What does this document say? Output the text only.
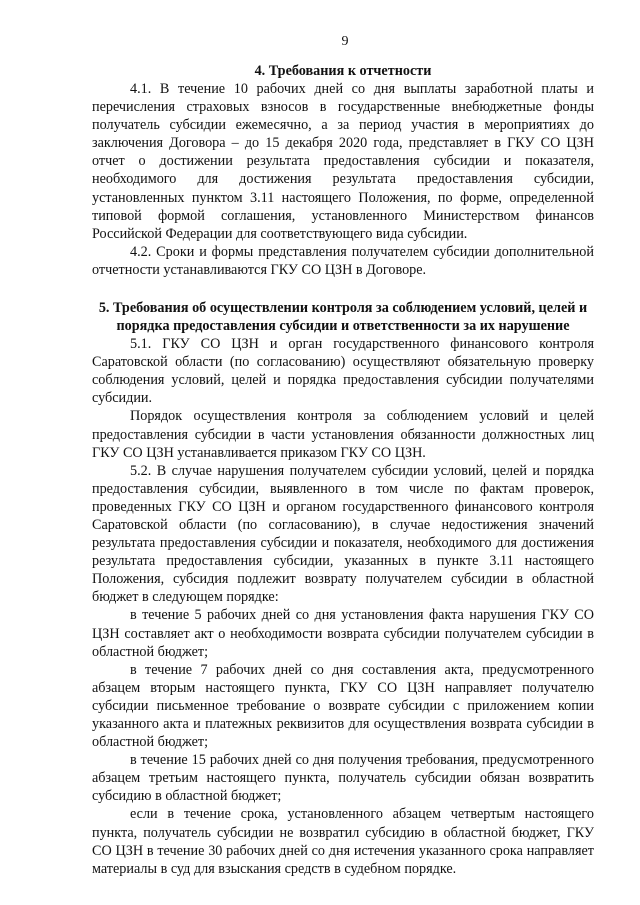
9
4. Требования к отчетности

4.1. В течение 10 рабочих дней со дня выплаты заработной платы и перечисления страховых взносов в государственные внебюджетные фонды получатель субсидии ежемесячно, а за период участия в мероприятиях до заключения Договора – до 15 декабря 2020 года, представляет в ГКУ СО ЦЗН отчет о достижении результата предоставления субсидии и показателя, необходимого для достижения результата предоставления субсидии, установленных пунктом 3.11 настоящего Положения, по форме, определенной типовой формой соглашения, установленного Министерством финансов Российской Федерации для соответствующего вида субсидии.

4.2. Сроки и формы представления получателем субсидии дополнительной отчетности устанавливаются ГКУ СО ЦЗН в Договоре.

5. Требования об осуществлении контроля за соблюдением условий, целей и порядка предоставления субсидии и ответственности за их нарушение

5.1. ГКУ СО ЦЗН и орган государственного финансового контроля Саратовской области (по согласованию) осуществляют обязательную проверку соблюдения условий, целей и порядка предоставления субсидии получателями субсидии.

Порядок осуществления контроля за соблюдением условий и целей предоставления субсидии в части установления обязанности должностных лиц ГКУ СО ЦЗН устанавливается приказом ГКУ СО ЦЗН.

5.2. В случае нарушения получателем субсидии условий, целей и порядка предоставления субсидии, выявленного в том числе по фактам проверок, проведенных ГКУ СО ЦЗН и органом государственного финансового контроля Саратовской области (по согласованию), в случае недостижения значений результата предоставления субсидии и показателя, необходимого для достижения результата предоставления субсидии, указанных в пункте 3.11 настоящего Положения, субсидия подлежит возврату получателем субсидии в областной бюджет в следующем порядке:

в течение 5 рабочих дней со дня установления факта нарушения ГКУ СО ЦЗН составляет акт о необходимости возврата субсидии получателем субсидии в областной бюджет;

в течение 7 рабочих дней со дня составления акта, предусмотренного абзацем вторым настоящего пункта, ГКУ СО ЦЗН направляет получателю субсидии письменное требование о возврате субсидии с приложением копии указанного акта и платежных реквизитов для осуществления возврата субсидии в областной бюджет;

в течение 15 рабочих дней со дня получения требования, предусмотренного абзацем третьим настоящего пункта, получатель субсидии обязан возвратить субсидию в областной бюджет;

если в течение срока, установленного абзацем четвертым настоящего пункта, получатель субсидии не возвратил субсидию в областной бюджет, ГКУ СО ЦЗН в течение 30 рабочих дней со дня истечения указанного срока направляет материалы в суд для взыскания средств в судебном порядке.
